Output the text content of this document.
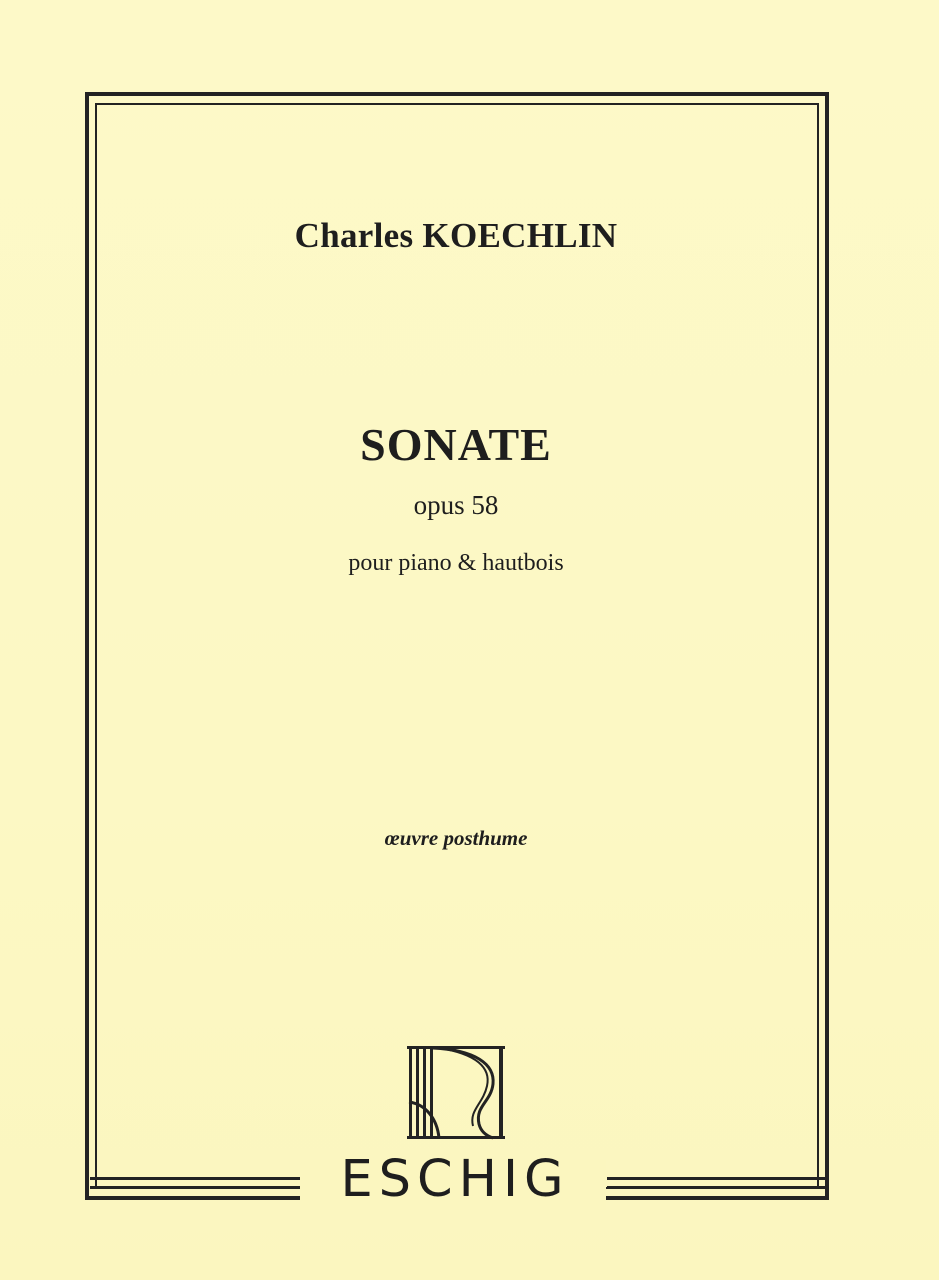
Charles KOECHLIN
SONATE
opus 58
pour piano & hautbois
œuvre posthume
ESCHIG
